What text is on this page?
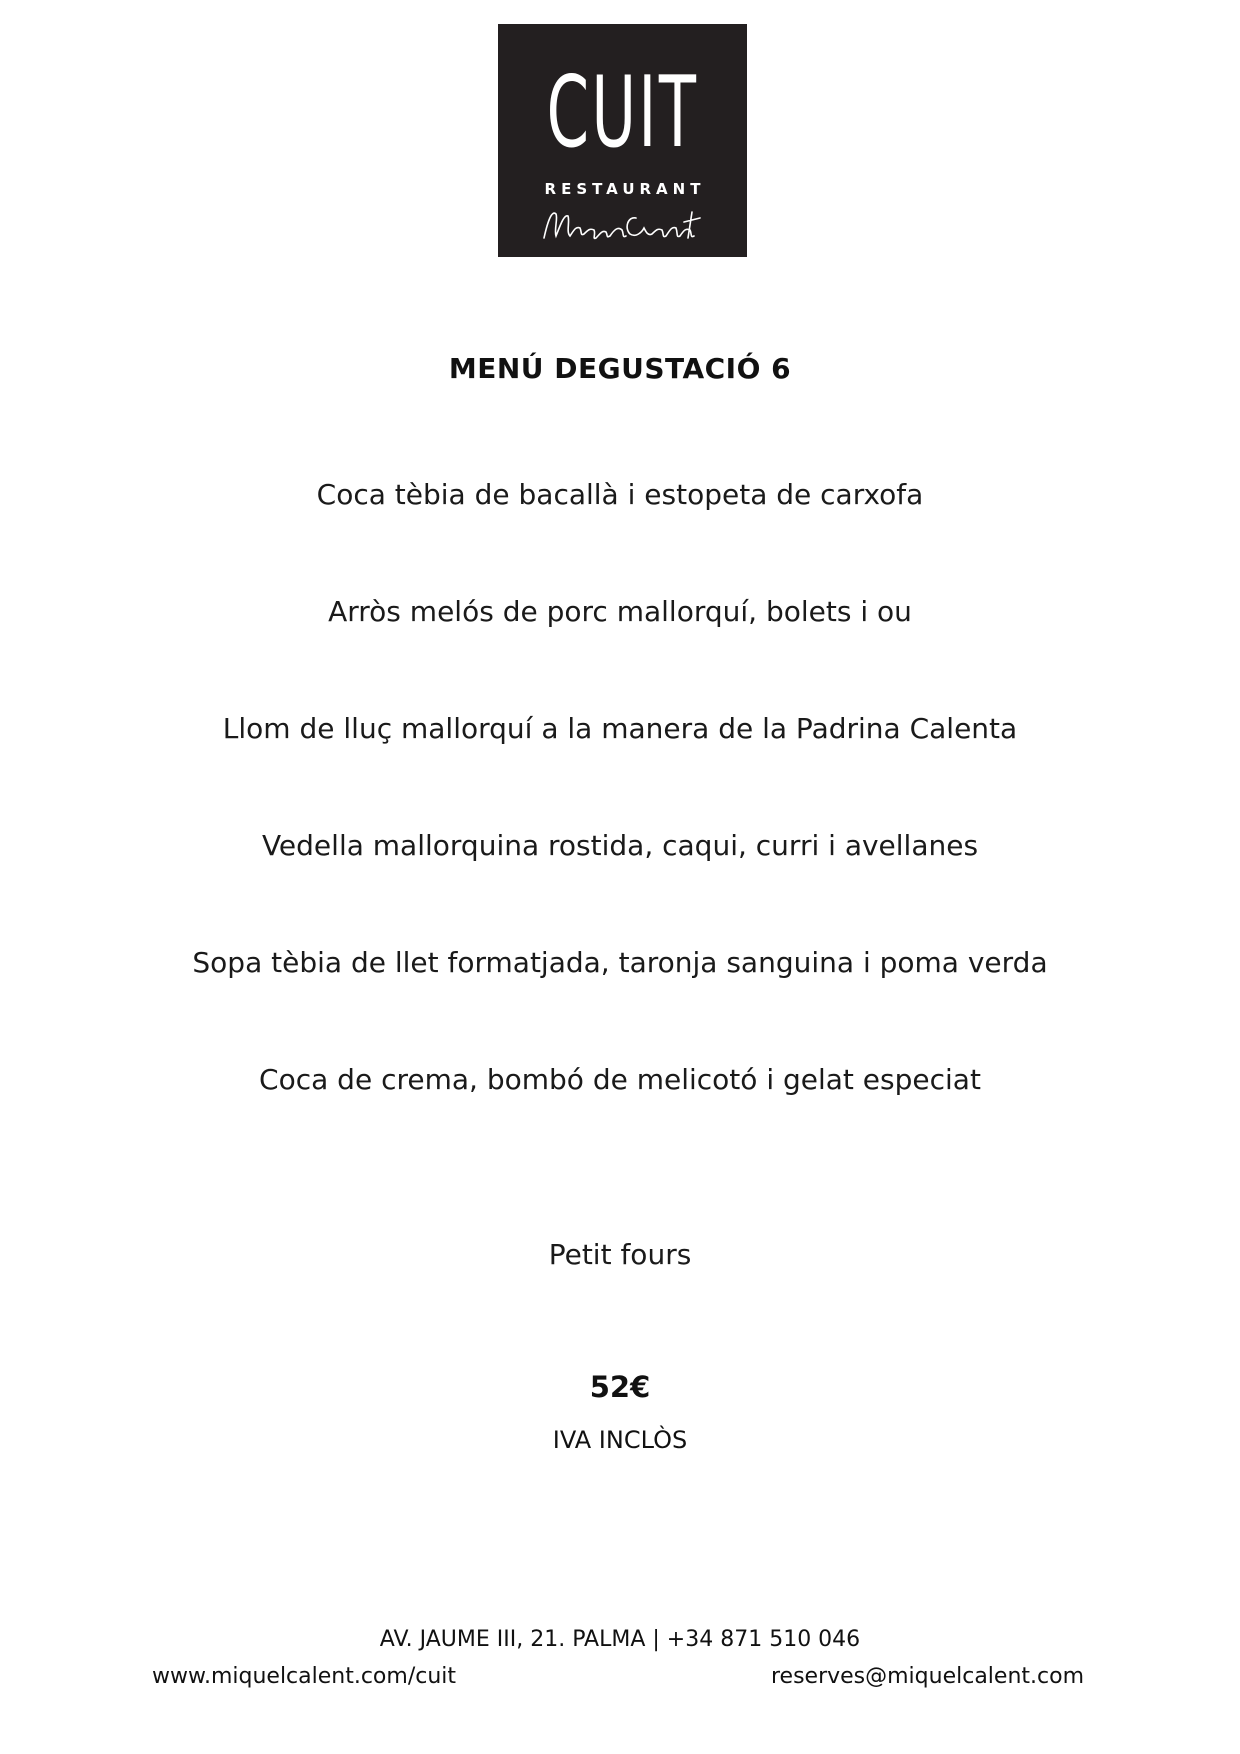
CUIT
RESTAURANT
MENÚ DEGUSTACIÓ 6
Coca tèbia de bacallà i estopeta de carxofa
Arròs melós de porc mallorquí, bolets i ou
Llom de lluç mallorquí a la manera de la Padrina Calenta
Vedella mallorquina rostida, caqui, curri i avellanes
Sopa tèbia de llet formatjada, taronja sanguina i poma verda
Coca de crema, bombó de melicotó i gelat especiat
Petit fours
52€
IVA INCLÒS
AV. JAUME III, 21. PALMA | +34 871 510 046
www.miquelcalent.com/cuit	reserves@miquelcalent.com
